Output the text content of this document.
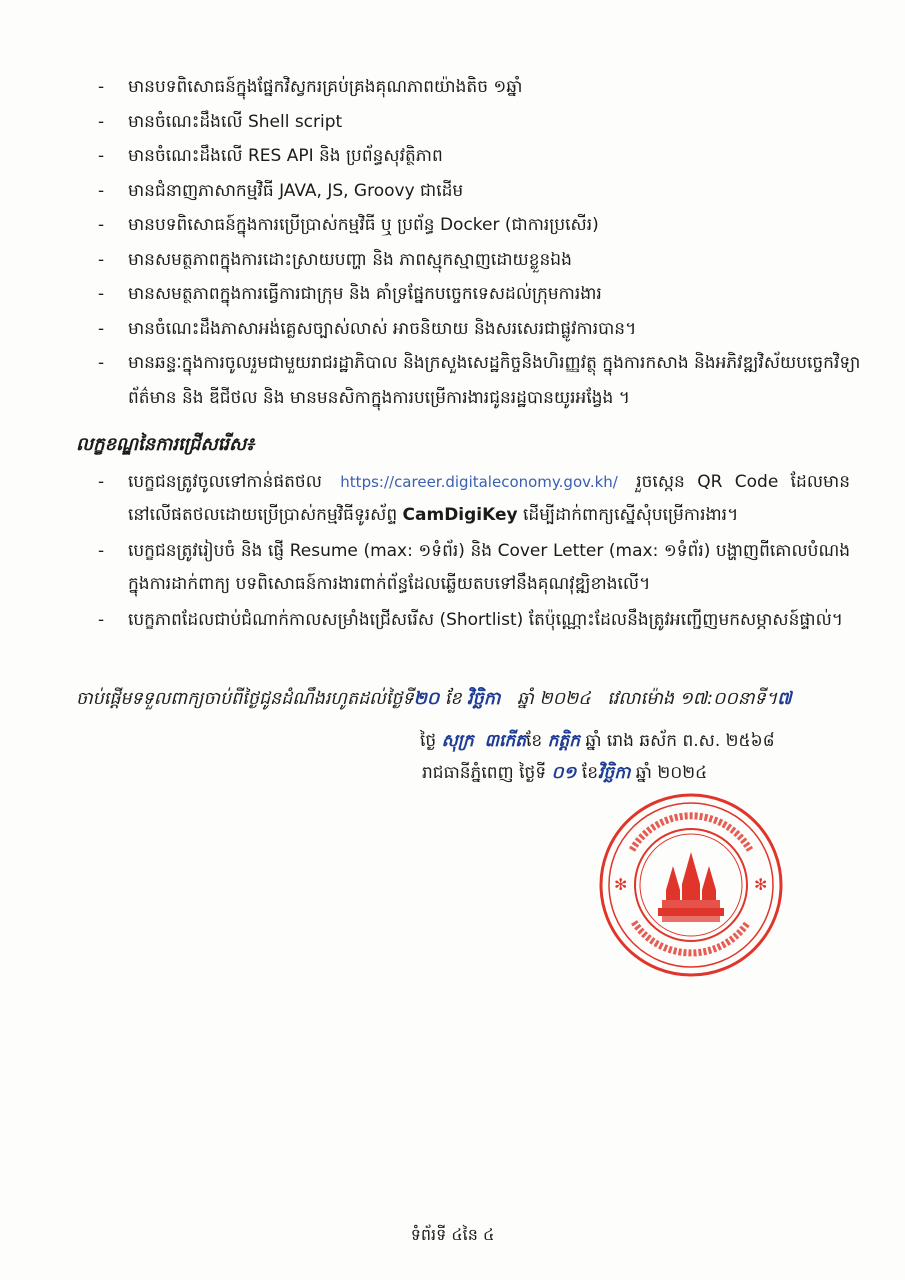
- មានបទពិសោធន៍ក្នុងផ្នែកវិស្វករគ្រប់គ្រងគុណភាពយ៉ាងតិច ១ឆ្នាំ
- មានចំណេះដឹងលើ Shell script
- មានចំណេះដឹងលើ RES API និង ប្រព័ន្ធសុវត្ថិភាព
- មានជំនាញភាសាកម្មវិធី JAVA, JS, Groovy ជាដើម
- មានបទពិសោធន៍ក្នុងការប្រើប្រាស់កម្មវិធី ឬ ប្រព័ន្ធ Docker (ជាការប្រសើរ)
- មានសមត្ថភាពក្នុងការដោះស្រាយបញ្ហា និង ភាពស្មុកស្មាញដោយខ្លួនឯង
- មានសមត្ថភាពក្នុងការធ្វើការជាក្រុម និង គាំទ្រផ្នែកបច្ចេកទេសដល់ក្រុមការងារ
- មានចំណេះដឹងភាសាអង់គ្លេសច្បាស់លាស់ អាចនិយាយ និងសរសេរជាផ្លូវការបាន។
- មានឆន្ទៈក្នុងការចូលរួមជាមួយរាជរដ្ឋាភិបាល និងក្រសួងសេដ្ឋកិច្ចនិងហិរញ្ញវត្ថុ ក្នុងការកសាង និងអភិវឌ្ឍវិស័យបច្ចេកវិទ្យាព័ត៌មាន និង ឌីជីថល និង មានមនសិកាក្នុងការបម្រើការងារជូនរដ្ឋបានយូរអង្វែង ។
លក្ខខណ្ឌនៃការជ្រើសរើស៖
- បេក្ខជនត្រូវចូលទៅកាន់ផតថល https://career.digitaleconomy.gov.kh/ រួចស្កេន QR Code ដែលមាននៅលើផតថលដោយប្រើប្រាស់កម្មវិធីទូរស័ព្ទ CamDigiKey ដើម្បីដាក់ពាក្យស្នើសុំបម្រើការងារ។
- បេក្ខជនត្រូវរៀបចំ និង ផ្ញើ Resume (max: ១ទំព័រ) និង Cover Letter (max: ១ទំព័រ) បង្ហាញពីគោលបំណងក្នុងការដាក់ពាក្យ បទពិសោធន៍ការងារពាក់ព័ន្ធដែលឆ្លើយតបទៅនឹងគុណវុឌ្ឍិខាងលើ។
- បេក្ខភាពដែលជាប់ជំណាក់កាលសម្រាំងជ្រើសរើស (Shortlist) តែប៉ុណ្ណោះដែលនឹងត្រូវអញ្ជើញមកសម្ភាសន៍ផ្ទាល់។
ចាប់ផ្តើមទទួលពាក្យចាប់ពីថ្ងៃជូនដំណឹងរហូតដល់ថ្ងៃទី២០ ខែ វិច្ឆិកា ឆ្នាំ ២០២៤ វេលាម៉ោង ១៧:០០នាទី។៧
ថ្ងៃ សុក្រ ៣កើតខែ កត្តិក ឆ្នាំ រោង ឆស័ក ព.ស. ២៥៦៨
រាជធានីភ្នំពេញ ថ្ងៃទី ០១ ខែវិច្ឆិកា ឆ្នាំ ២០២៤
✻	✻
ទំព័រទី ៤នៃ ៤
